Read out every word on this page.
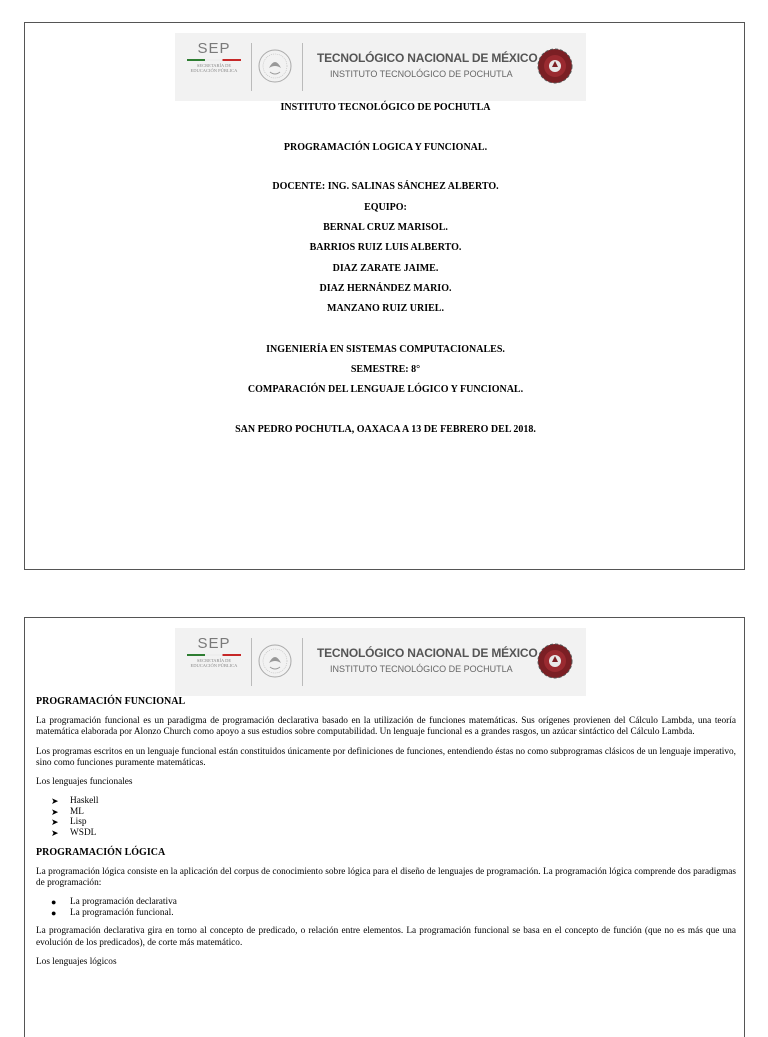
SEP
SECRETARÍA DE
EDUCACIÓN PÚBLICA
TECNOLÓGICO NACIONAL DE MÉXICO
INSTITUTO TECNOLÓGICO DE POCHUTLA
INSTITUTO TECNOLÓGICO DE POCHUTLA
PROGRAMACIÓN LOGICA Y FUNCIONAL.
DOCENTE: ING. SALINAS SÁNCHEZ ALBERTO.
EQUIPO:
BERNAL CRUZ MARISOL.
BARRIOS RUIZ LUIS ALBERTO.
DIAZ ZARATE JAIME.
DIAZ HERNÁNDEZ MARIO.
MANZANO RUIZ URIEL.
INGENIERÍA EN SISTEMAS COMPUTACIONALES.
SEMESTRE: 8°
COMPARACIÓN DEL LENGUAJE LÓGICO Y FUNCIONAL.
SAN PEDRO POCHUTLA, OAXACA A 13 DE FEBRERO DEL 2018.
SEP
SECRETARÍA DE
EDUCACIÓN PÚBLICA
TECNOLÓGICO NACIONAL DE MÉXICO
INSTITUTO TECNOLÓGICO DE POCHUTLA
PROGRAMACIÓN FUNCIONAL

La programación funcional es un paradigma de programación declarativa basado en la utilización de funciones matemáticas. Sus orígenes provienen del Cálculo Lambda, una teoría matemática elaborada por Alonzo Church como apoyo a sus estudios sobre computabilidad. Un lenguaje funcional es a grandes rasgos, un azúcar sintáctico del Cálculo Lambda.

Los programas escritos en un lenguaje funcional están constituidos únicamente por definiciones de funciones, entendiendo éstas no como subprogramas clásicos de un lenguaje imperativo, sino como funciones puramente matemáticas.

Los lenguajes funcionales

➤ Haskell
➤ ML
➤ Lisp
➤ WSDL
PROGRAMACIÓN LÓGICA

La programación lógica consiste en la aplicación del corpus de conocimiento sobre lógica para el diseño de lenguajes de programación. La programación lógica comprende dos paradigmas de programación:

● La programación declarativa
● La programación funcional.

La programación declarativa gira en torno al concepto de predicado, o relación entre elementos. La programación funcional se basa en el concepto de función (que no es más que una evolución de los predicados), de corte más matemático.

Los lenguajes lógicos
